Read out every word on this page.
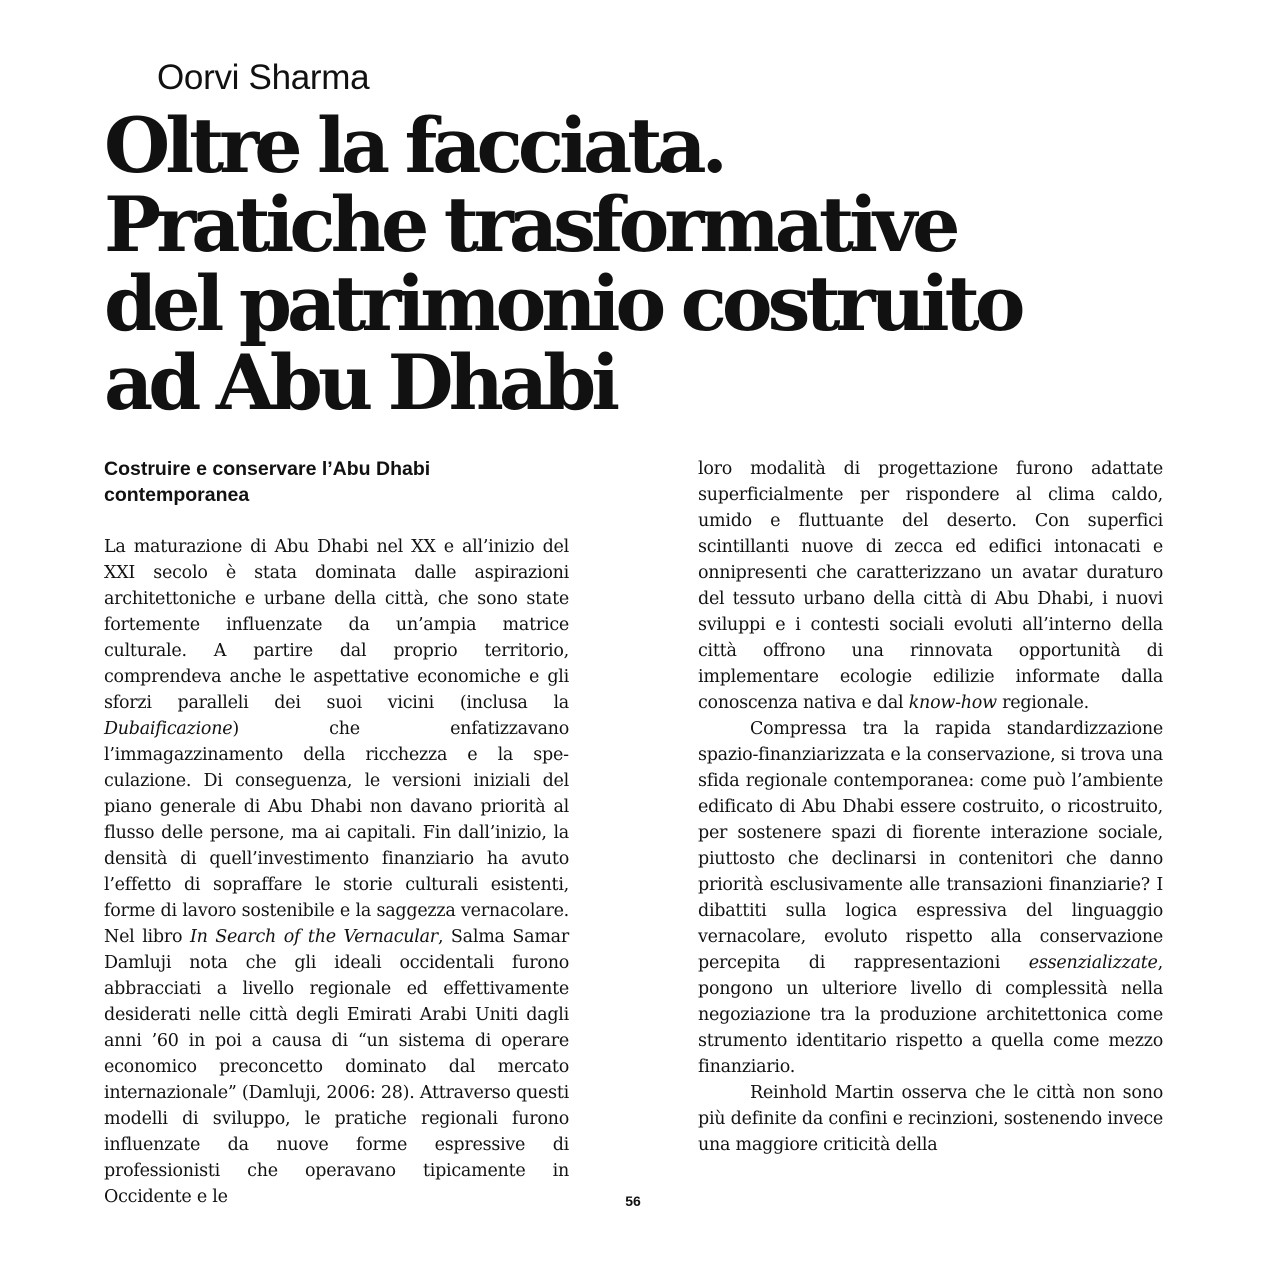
Oorvi Sharma
Oltre la facciata.
Pratiche trasformative
del patrimonio costruito
ad Abu Dhabi
Costruire e conservare l’Abu Dhabi contemporanea

La maturazione di Abu Dhabi nel XX e all’inizio del XXI secolo è stata dominata dalle aspirazioni architettoniche e urbane della città, che sono state fortemente influenzate da un’ampia matrice culturale. A partire dal proprio territorio, comprendeva anche le aspettative economiche e gli sforzi paralleli dei suoi vicini (inclusa la Dubaificazione) che enfatizzavano l’immagazzinamento della ricchezza e la speculazione. Di conseguenza, le versioni iniziali del piano generale di Abu Dhabi non davano priorità al flusso delle persone, ma ai capitali. Fin dall’inizio, la densità di quell’investimento finanziario ha avuto l’effetto di sopraffare le storie culturali esistenti, forme di lavoro sostenibile e la saggezza vernacolare. Nel libro In Search of the Vernacular, Salma Samar Damluji nota che gli ideali occidentali furono abbracciati a livello regionale ed effettivamente desiderati nelle città degli Emirati Arabi Uniti dagli anni ’60 in poi a causa di “un sistema di operare economico preconcetto dominato dal mercato internazionale” (Damluji, 2006: 28). Attraverso questi modelli di sviluppo, le pratiche regionali furono influenzate da nuove forme espressive di professionisti che operavano tipicamente in Occidente e le	56

loro modalità di progettazione furono adattate superficialmente per rispondere al clima caldo, umido e fluttuante del deserto. Con superfici scintillanti nuove di zecca ed edifici intonacati e onnipresenti che caratterizzano un avatar duraturo del tessuto urbano della città di Abu Dhabi, i nuovi sviluppi e i contesti sociali evoluti all’interno della città offrono una rinnovata opportunità di implementare ecologie edilizie informate dalla conoscenza nativa e dal know-how regionale.

Compressa tra la rapida standardizzazione spazio-finanziarizzata e la conservazione, si trova una sfida regionale contemporanea: come può l’ambiente edificato di Abu Dhabi essere costruito, o ricostruito, per sostenere spazi di fiorente interazione sociale, piuttosto che declinarsi in contenitori che danno priorità esclusivamente alle transazioni finanziarie? I dibattiti sulla logica espressiva del linguaggio vernacolare, evoluto rispetto alla conservazione percepita di rappresentazioni essenzializzate, pongono un ulteriore livello di complessità nella negoziazione tra la produzione architettonica come strumento identitario rispetto a quella come mezzo finanziario.

Reinhold Martin osserva che le città non sono più definite da confini e recinzioni, sostenendo invece una maggiore criticità della
